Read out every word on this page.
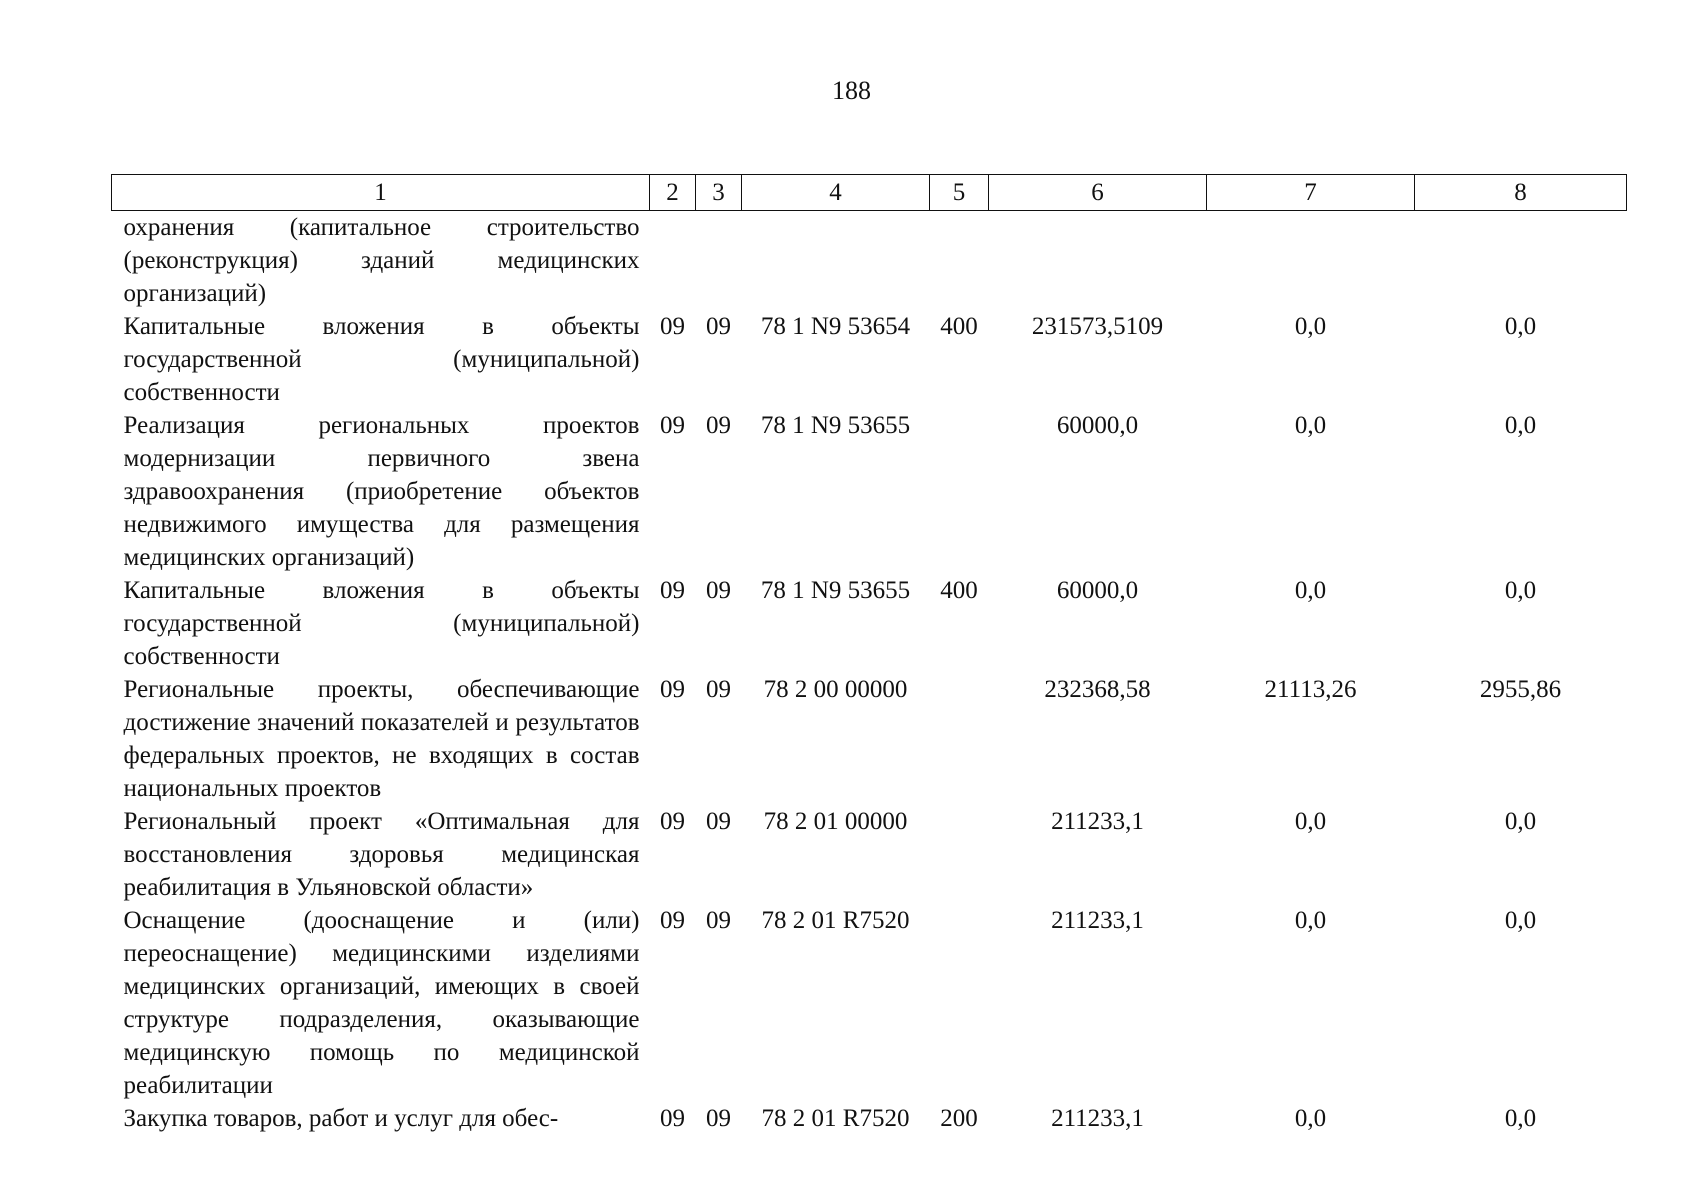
188
1	2	3	4	5	6	7	8
охранения (капитальное строительство (реконструкция) зданий медицинских организаций)							
Капитальные вложения в объекты государственной (муниципальной) собственности	09	09	78 1 N9 53654	400	231573,5109	0,0	0,0
Реализация региональных проектов модернизации первичного звена здравоохранения (приобретение объектов недвижимого имущества для размещения медицинских организаций)	09	09	78 1 N9 53655		60000,0	0,0	0,0
Капитальные вложения в объекты государственной (муниципальной) собственности	09	09	78 1 N9 53655	400	60000,0	0,0	0,0
Региональные проекты, обеспечивающие достижение значений показателей и результатов федеральных проектов, не входящих в состав национальных проектов	09	09	78 2 00 00000		232368,58	21113,26	2955,86
Региональный проект «Оптимальная для восстановления здоровья медицинская реабилитация в Ульяновской области»	09	09	78 2 01 00000		211233,1	0,0	0,0
Оснащение (дооснащение и (или) переоснащение) медицинскими изделиями медицинских организаций, имеющих в своей структуре подразделения, оказывающие медицинскую помощь по медицинской реабилитации	09	09	78 2 01 R7520		211233,1	0,0	0,0
Закупка товаров, работ и услуг для обес-	09	09	78 2 01 R7520	200	211233,1	0,0	0,0
